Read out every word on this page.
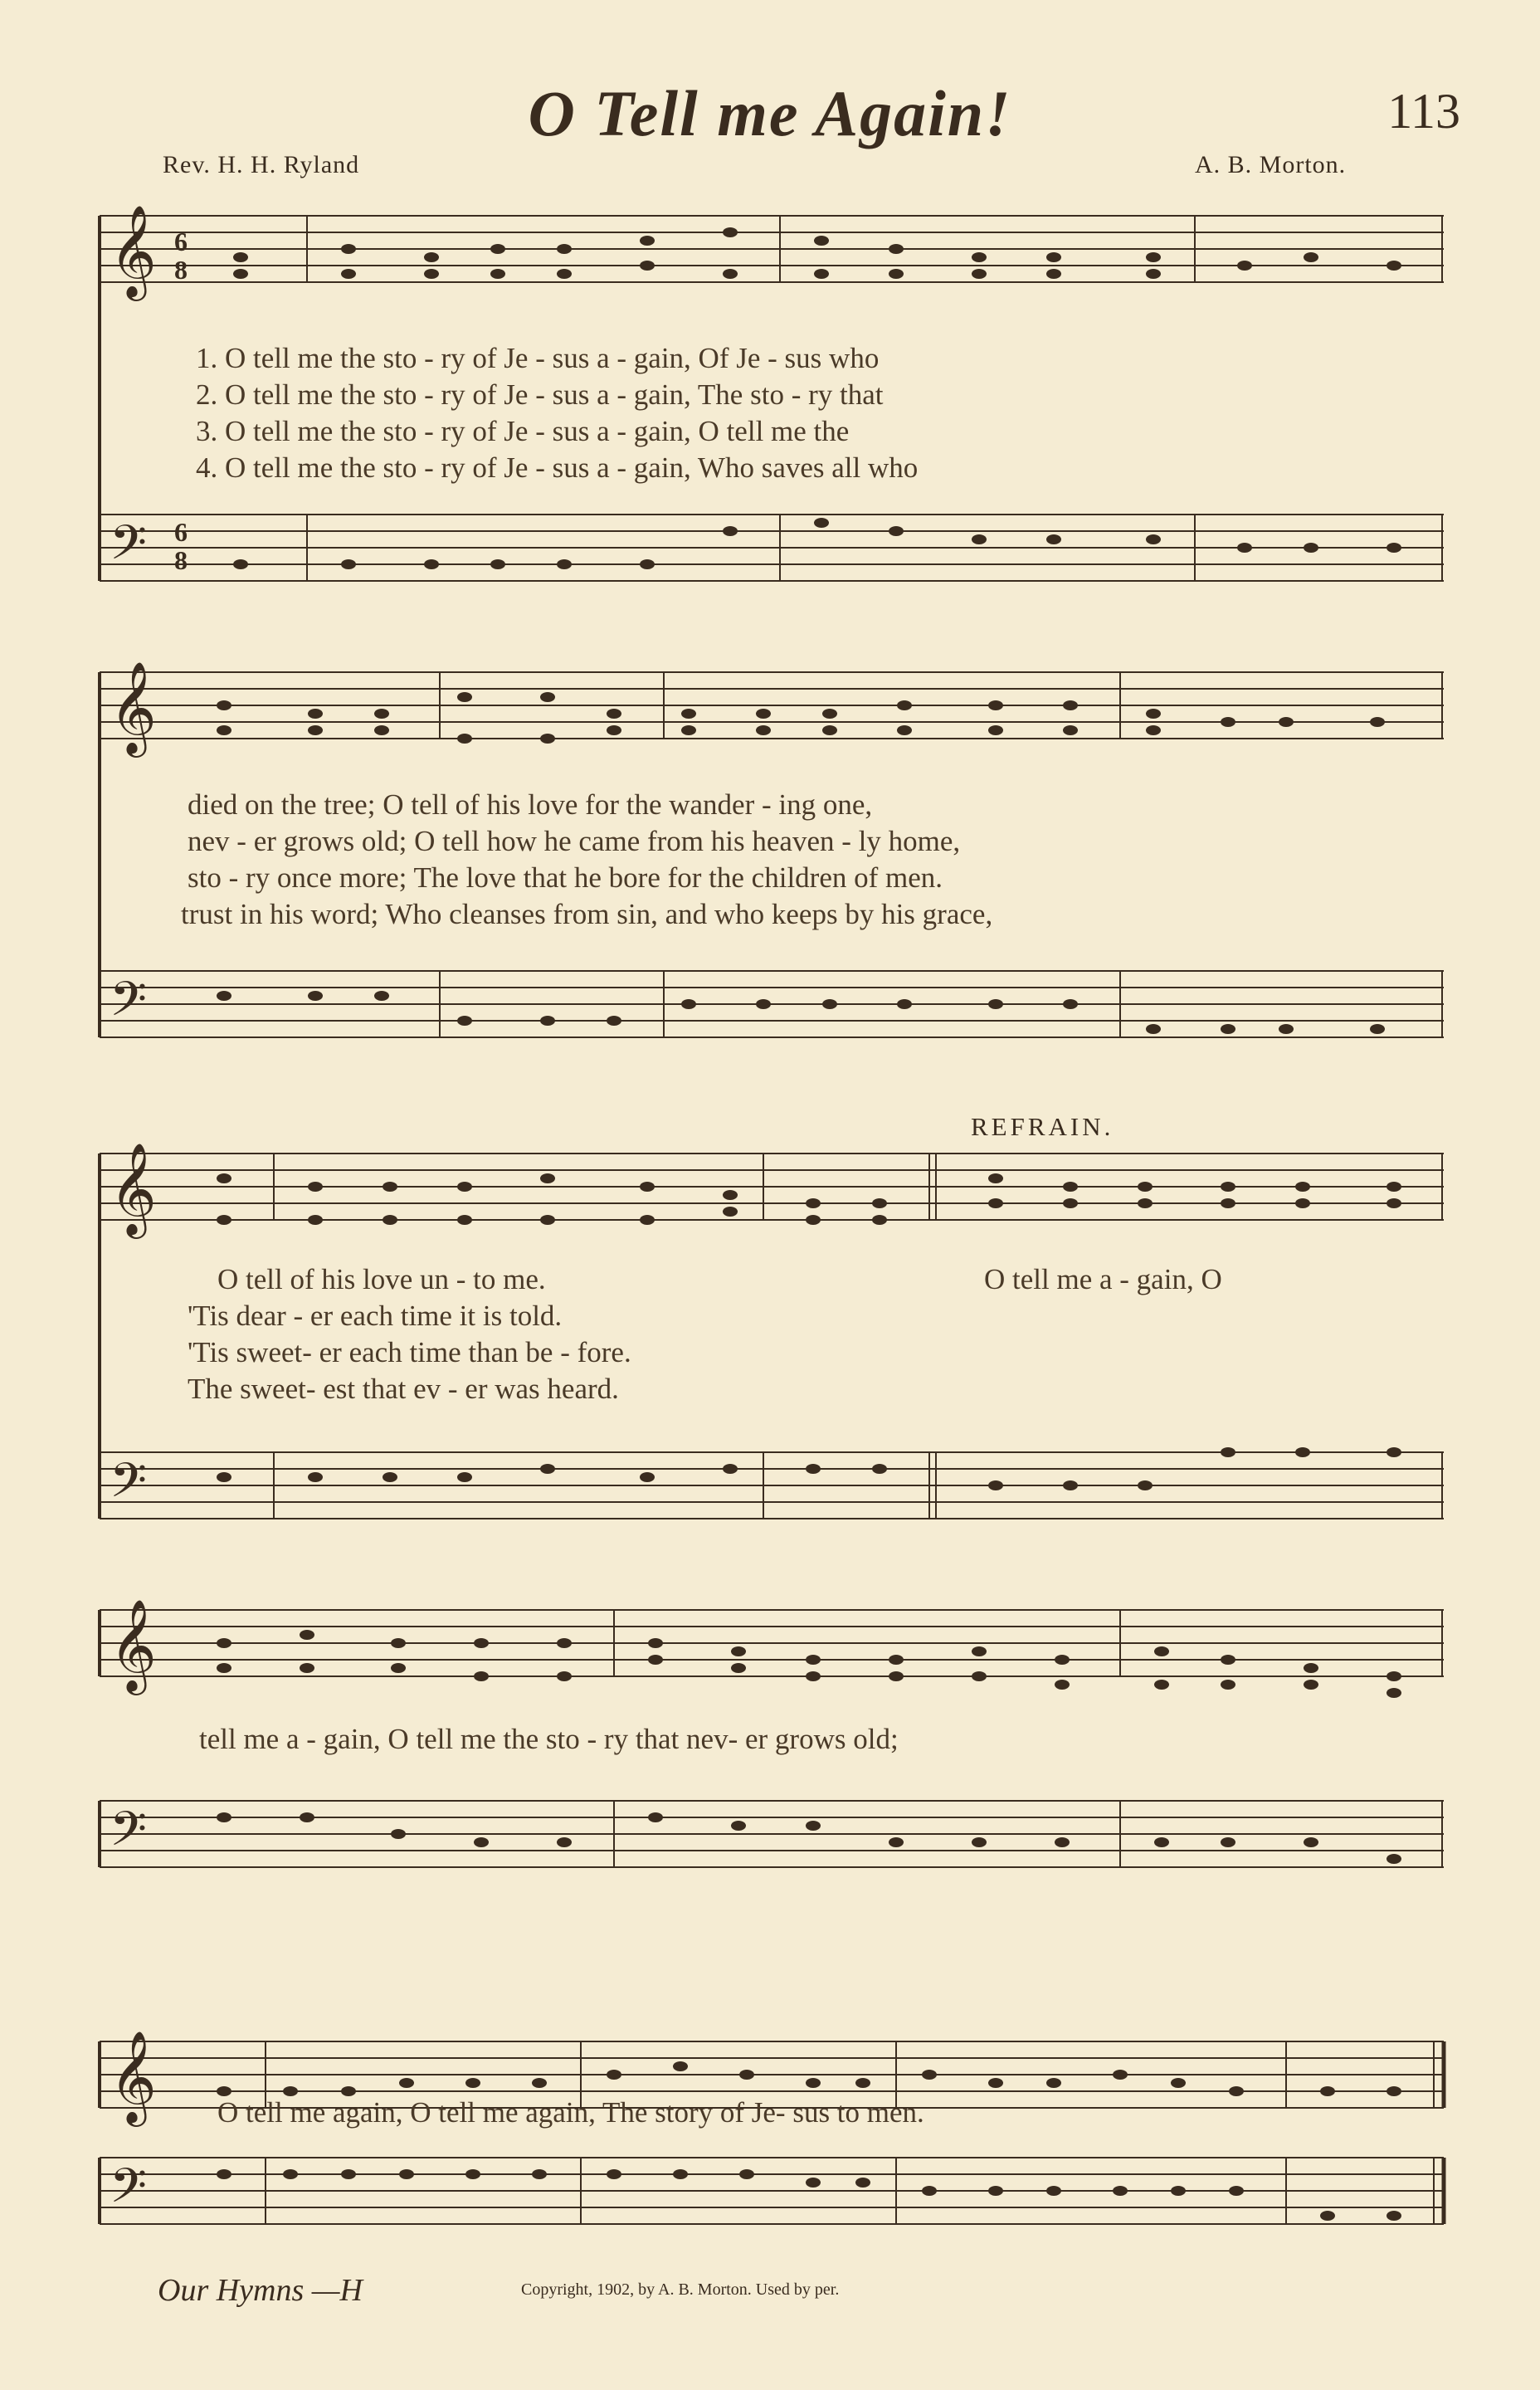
O Tell me Again!	113
Rev. H. H. Ryland	A. B. Morton.
𝄞
𝄢
6
8
6
8
1. O tell me the sto - ry of Je - sus a - gain, Of Je - sus who
2. O tell me the sto - ry of Je - sus a - gain, The sto - ry that
3. O tell me the sto - ry of Je - sus a - gain, O tell me the
4. O tell me the sto - ry of Je - sus a - gain, Who saves all who
𝄞
𝄢
died on the tree; O tell of his love for the wander - ing one,
nev - er grows old; O tell how he came from his heaven - ly home,
sto - ry once more; The love that he bore for the children of men.
trust in his word; Who cleanses from sin, and who keeps by his grace,
REFRAIN.
𝄞
𝄢
O tell of his love un - to me.
'Tis dear - er each time it is told.
'Tis sweet- er each time than be - fore.
The sweet- est that ev - er was heard.
O tell me a - gain, O
𝄞
tell me a - gain, O tell me the sto - ry that nev- er grows old;
𝄢
𝄞 O tell me again, O tell me again, The story of Je- sus to men.
𝄢
Our Hymns —H	Copyright, 1902, by A. B. Morton. Used by per.
